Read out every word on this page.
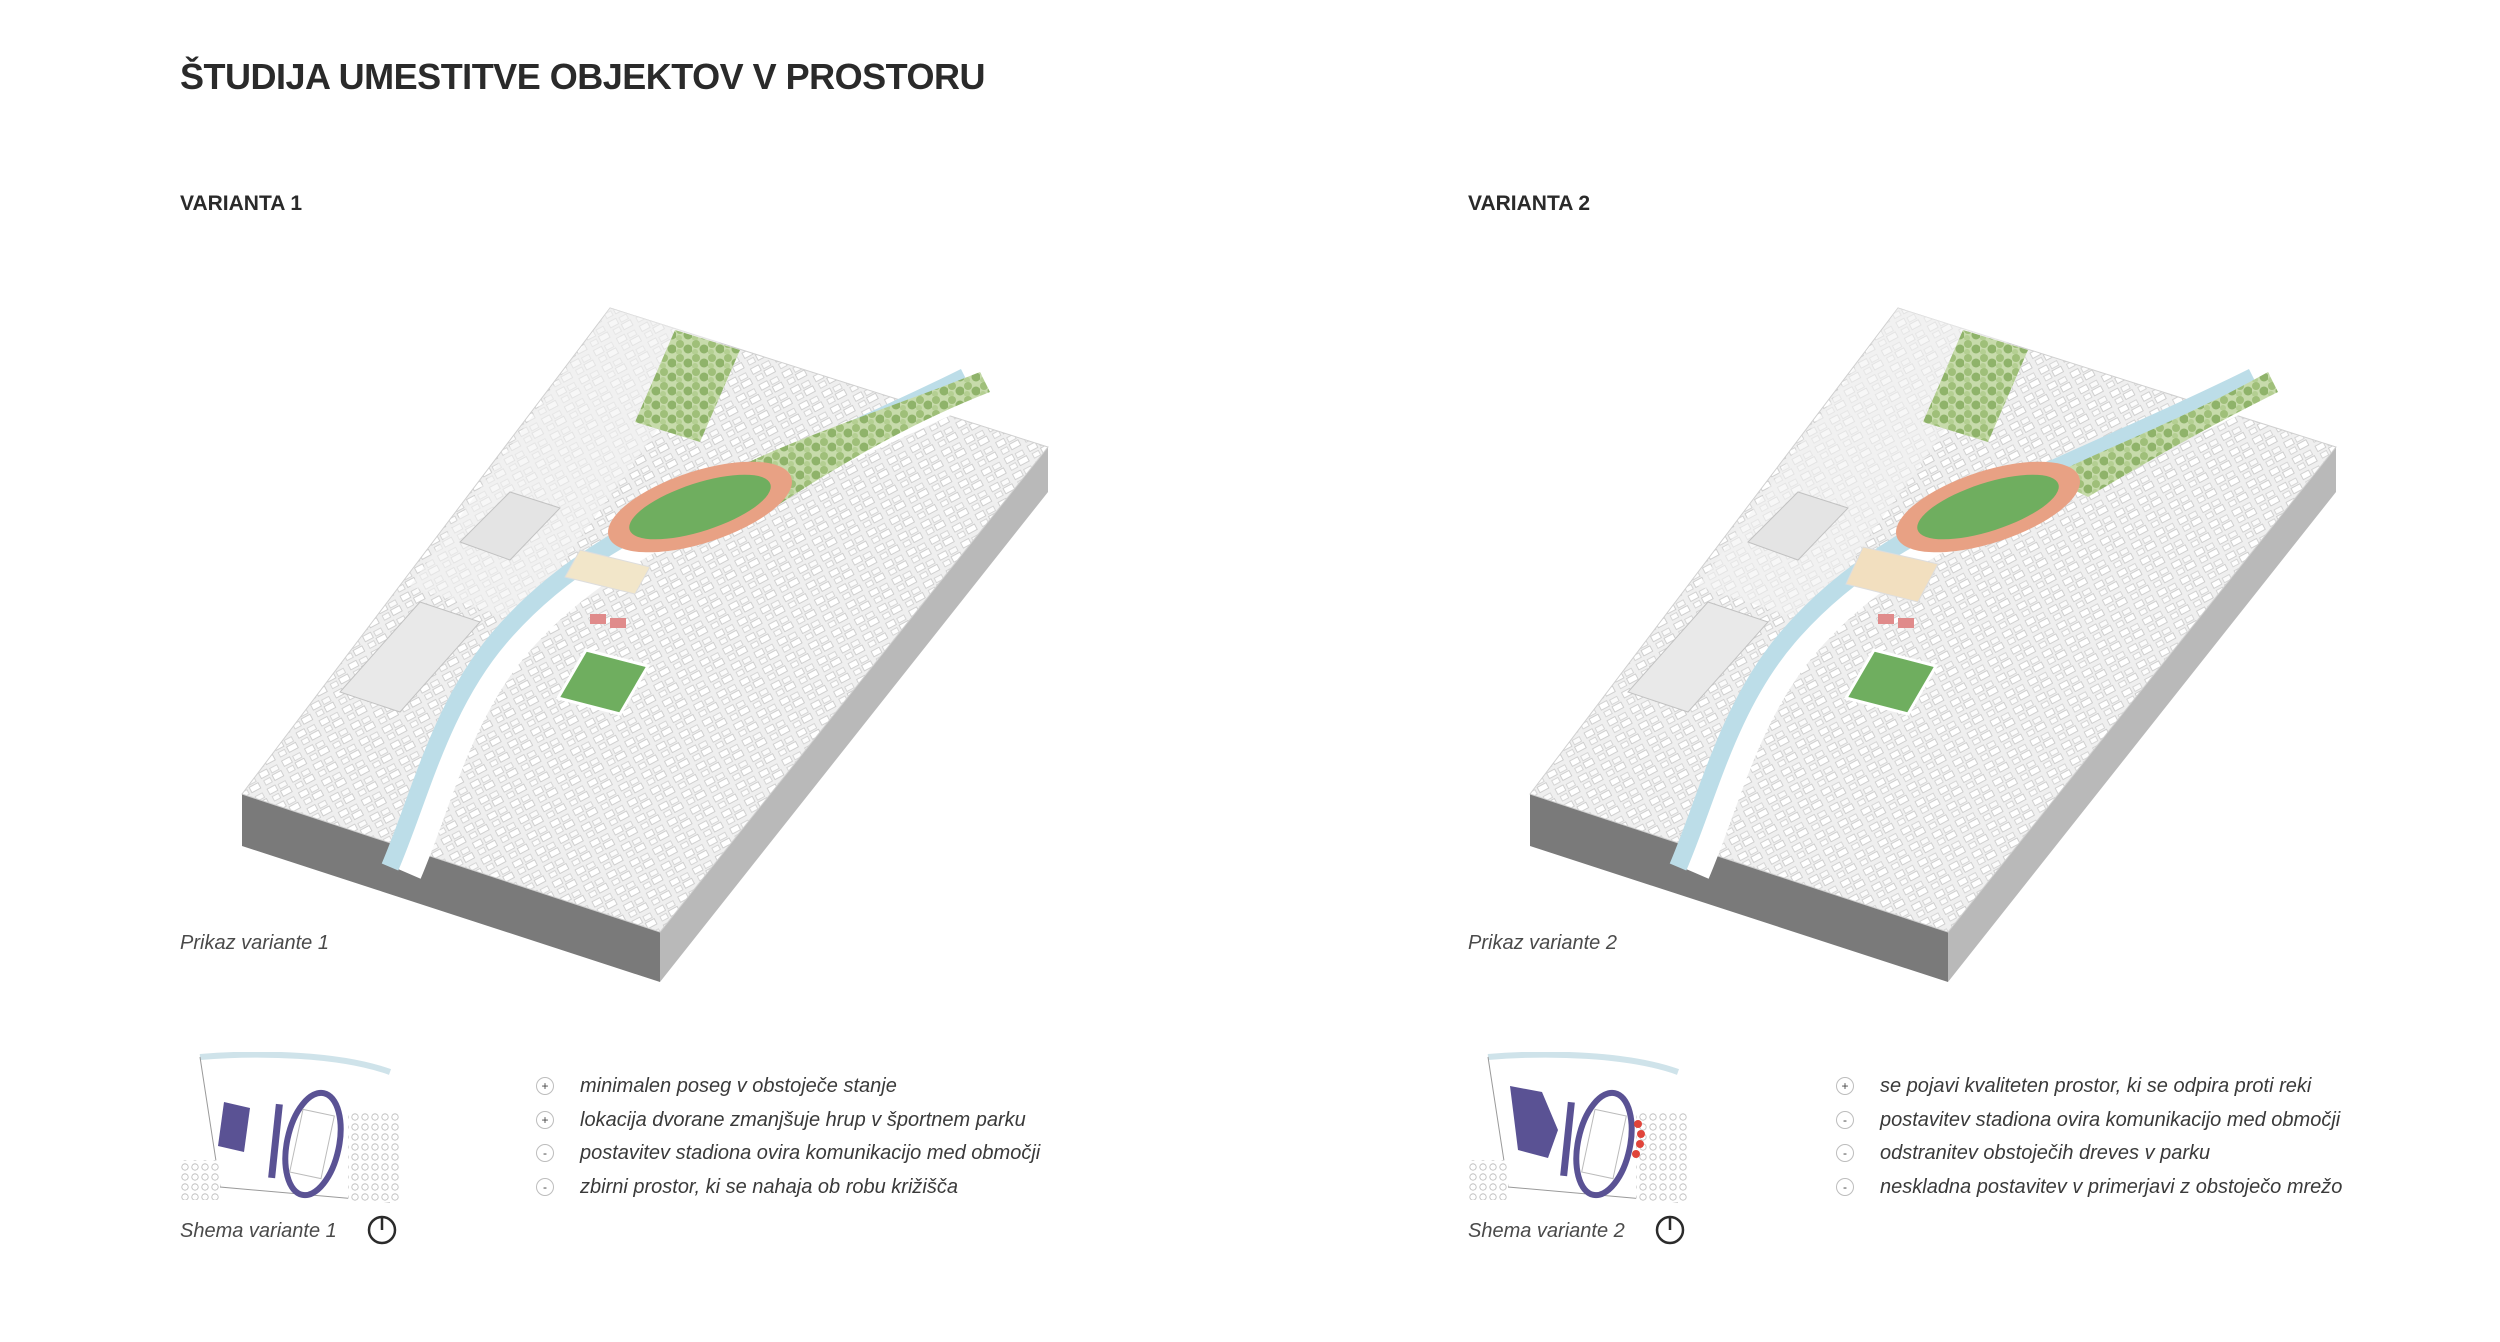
ŠTUDIJA UMESTITVE OBJEKTOV V PROSTORU
VARIANTA 1
Prikaz variante 1
Shema variante 1
+ minimalen poseg v obstoječe stanje
+ lokacija dvorane zmanjšuje hrup v športnem parku
-	postavitev stadiona ovira komunikacijo med območji
-	zbirni prostor, ki se nahaja ob robu križišča
VARIANTA 2
Prikaz variante 2
Shema variante 2
+ se pojavi kvaliteten prostor, ki se odpira proti reki
-	postavitev stadiona ovira komunikacijo med območji
-	odstranitev obstoječih dreves v parku
-	neskladna postavitev v primerjavi z obstoječo mrežo
